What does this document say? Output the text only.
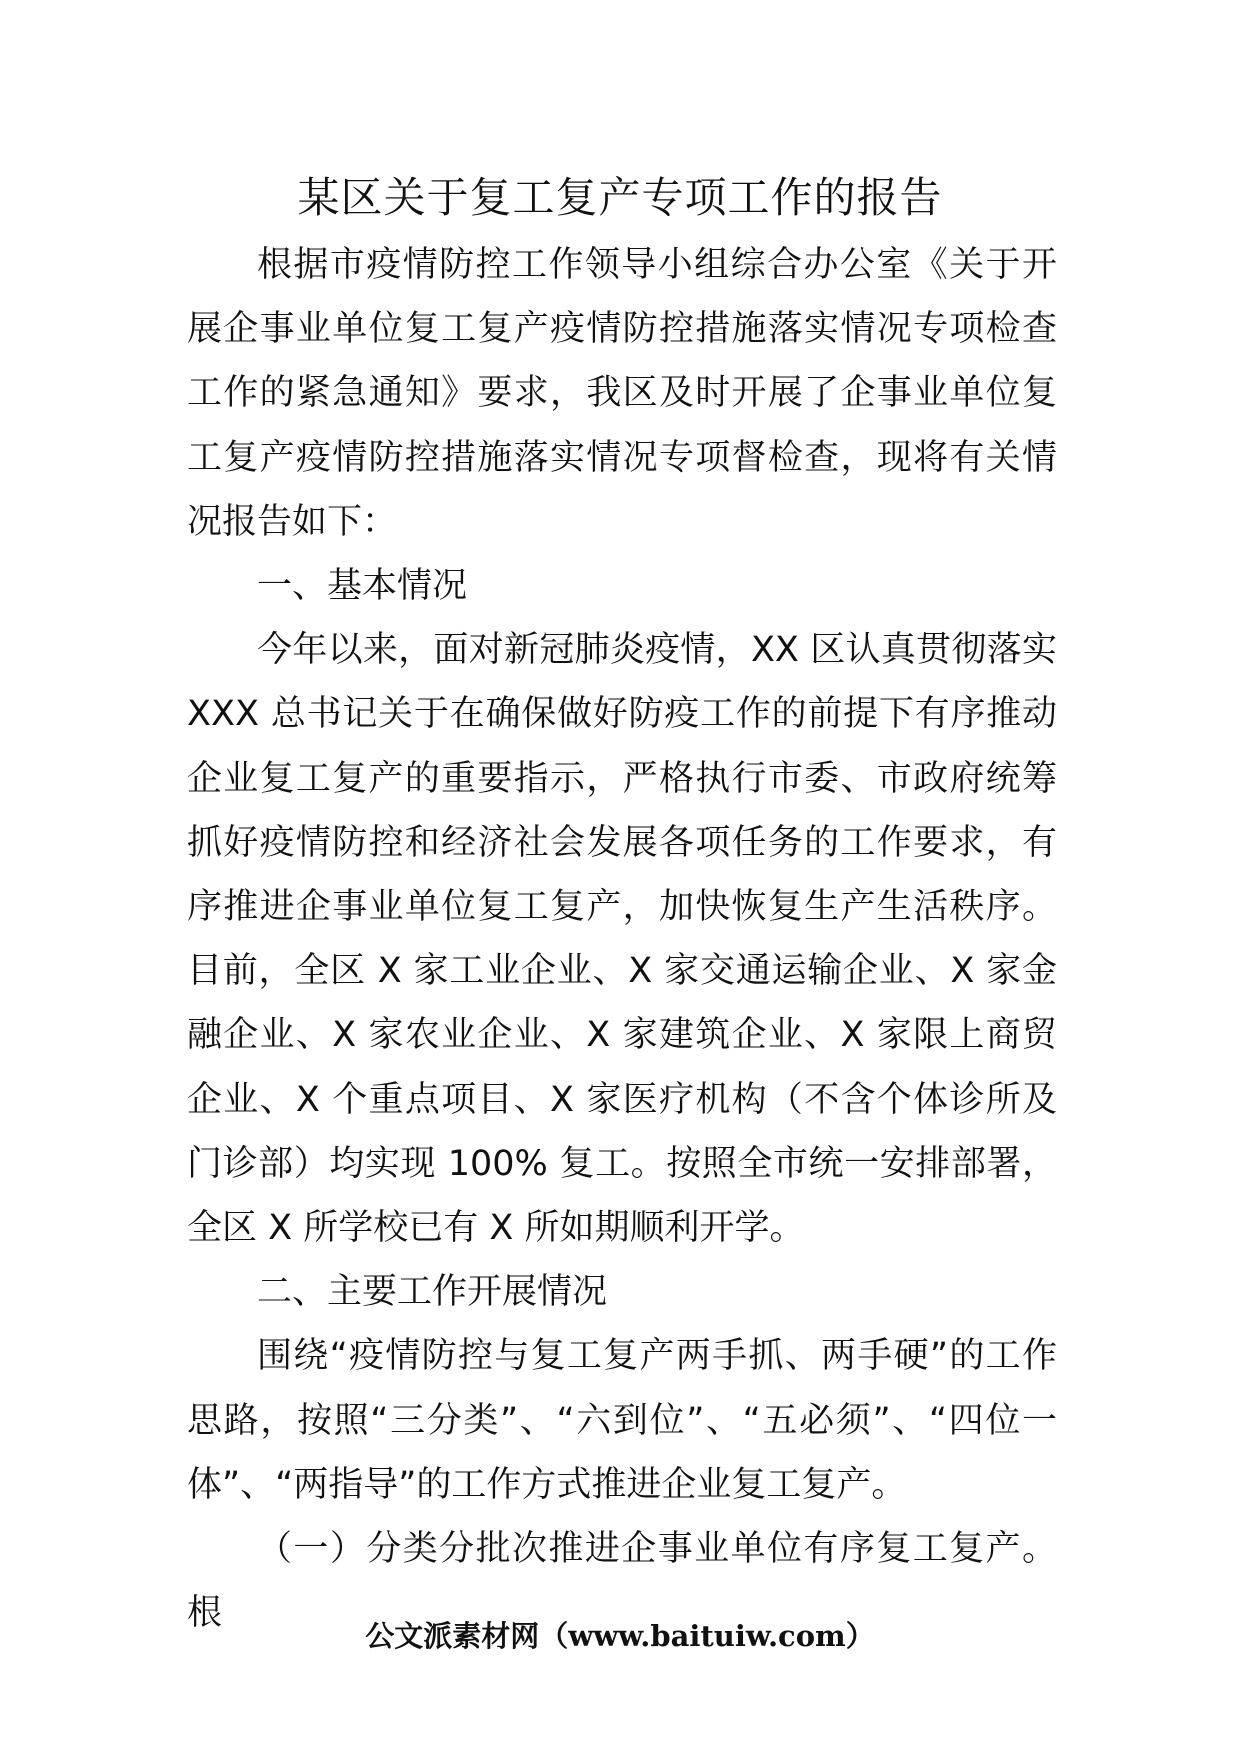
某区关于复工复产专项工作的报告

根据市疫情防控工作领导小组综合办公室《关于开展企事业单位复工复产疫情防控措施落实情况专项检查工作的紧急通知》要求，我区及时开展了企事业单位复工复产疫情防控措施落实情况专项督检查，现将有关情况报告如下：

一、基本情况

今年以来，面对新冠肺炎疫情，XX 区认真贯彻落实 XXX 总书记关于在确保做好防疫工作的前提下有序推动企业复工复产的重要指示，严格执行市委、市政府统筹抓好疫情防控和经济社会发展各项任务的工作要求，有序推进企事业单位复工复产，加快恢复生产生活秩序。目前，全区 X 家工业企业、X 家交通运输企业、X 家金融企业、X 家农业企业、X 家建筑企业、X 家限上商贸企业、X 个重点项目、X 家医疗机构（不含个体诊所及门诊部）均实现 100% 复工。按照全市统一安排部署，全区 X 所学校已有 X 所如期顺利开学。

二、主要工作开展情况

围绕“疫情防控与复工复产两手抓、两手硬”的工作思路，按照“三分类”、“六到位”、“五必须”、“四位一体”、“两指导”的工作方式推进企业复工复产。

（一）分类分批次推进企事业单位有序复工复产。根

公文派素材网（www.baituiw.com）
